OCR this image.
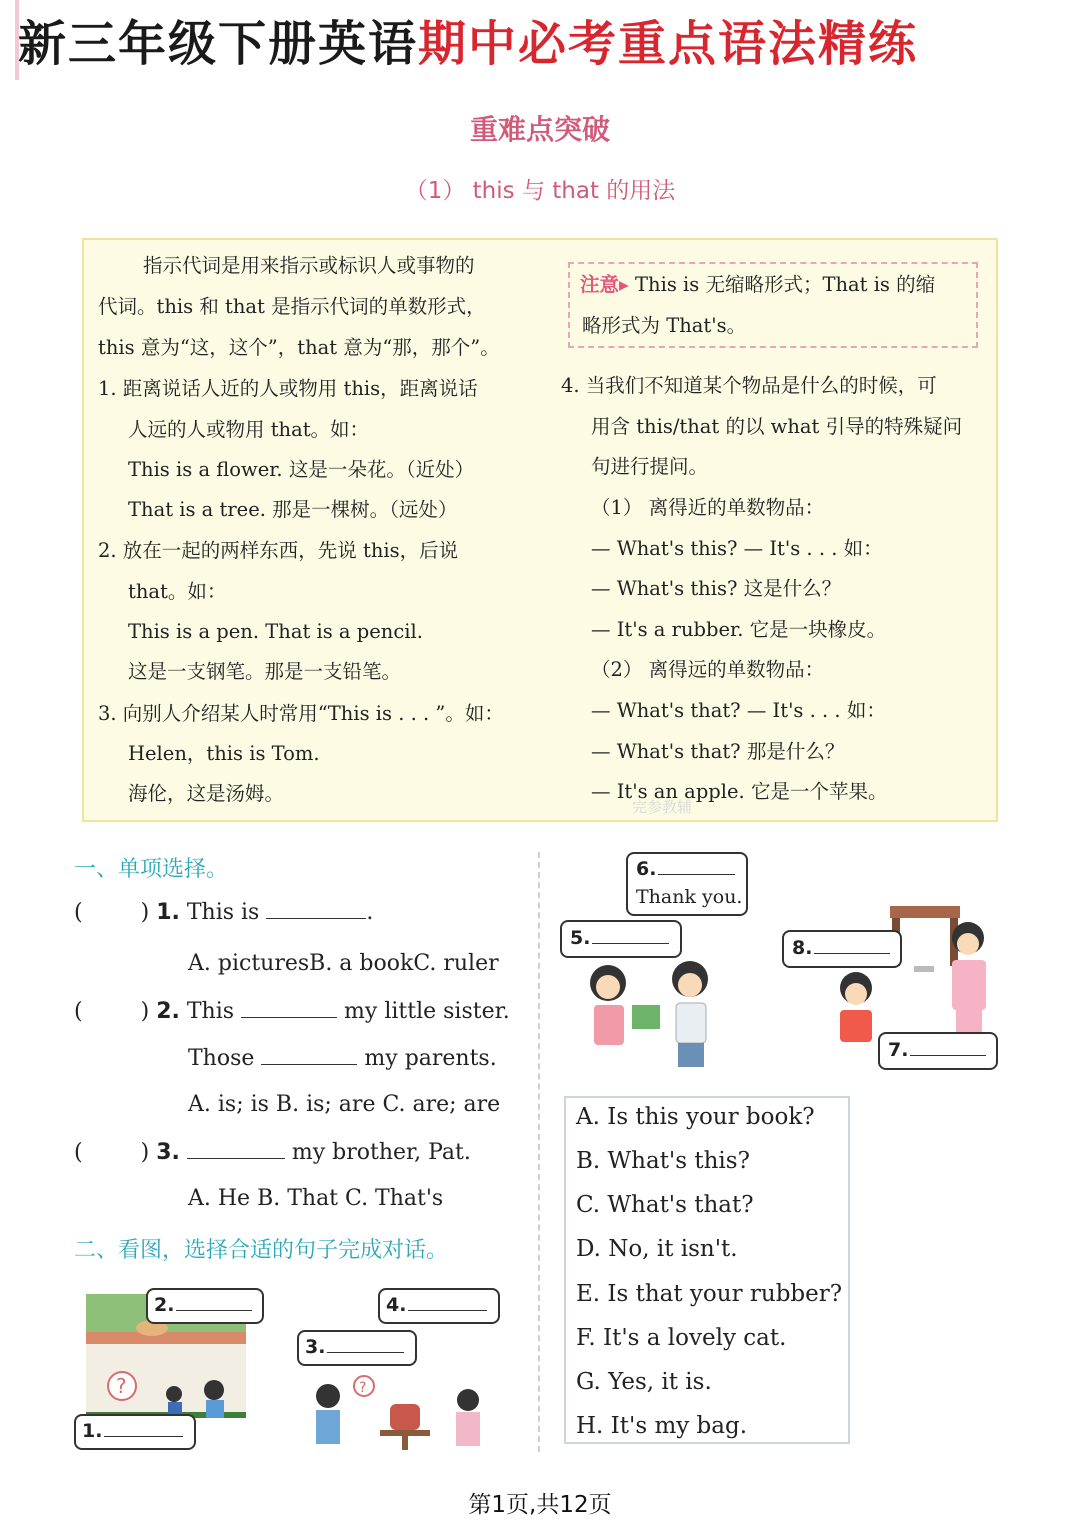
新三年级下册英语期中必考重点语法精练
重难点突破
（1） this 与 that 的用法
指示代词是用来指示或标识人或事物的
代词。this 和 that 是指示代词的单数形式，
this 意为“这，这个”，that 意为“那，那个”。
1. 距离说话人近的人或物用 this，距离说话
人远的人或物用 that。如：
This is a flower. 这是一朵花。（近处）
That is a tree. 那是一棵树。（远处）
2. 放在一起的两样东西，先说 this，后说
that。如：
This is a pen. That is a pencil.
这是一支钢笔。那是一支铅笔。
3. 向别人介绍某人时常用“This is . . . ”。如：
Helen，this is Tom.
海伦，这是汤姆。
注意▸ This is 无缩略形式；That is 的缩
略形式为 That's。
4. 当我们不知道某个物品是什么的时候，可
用含 this/that 的以 what 引导的特殊疑问
句进行提问。
（1） 离得近的单数物品：
— What's this? — It's . . . 如：
— What's this? 这是什么？
— It's a rubber. 它是一块橡皮。
（2） 离得远的单数物品：
— What's that? — It's . . . 如：
— What's that? 那是什么？
— It's an apple. 它是一个苹果。
完参教辅
一、单项选择。
(	) 1. This is	.
A. picturesB. a bookC. ruler
(	) 2. This	my little sister.
Those	my parents.
A. is; is B. is; are C. are; are
(	) 3.	my brother, Pat.
A. He B. That C. That's
二、看图，选择合适的句子完成对话。
?
2.
1.
?
4.
3.
6.
Thank you.
5.	8.
7.
A. Is this your book?
B. What's this?
C. What's that?
D. No, it isn't.
E. Is that your rubber?
F. It's a lovely cat.
G. Yes, it is.
H. It's my bag.
第1页,共12页
